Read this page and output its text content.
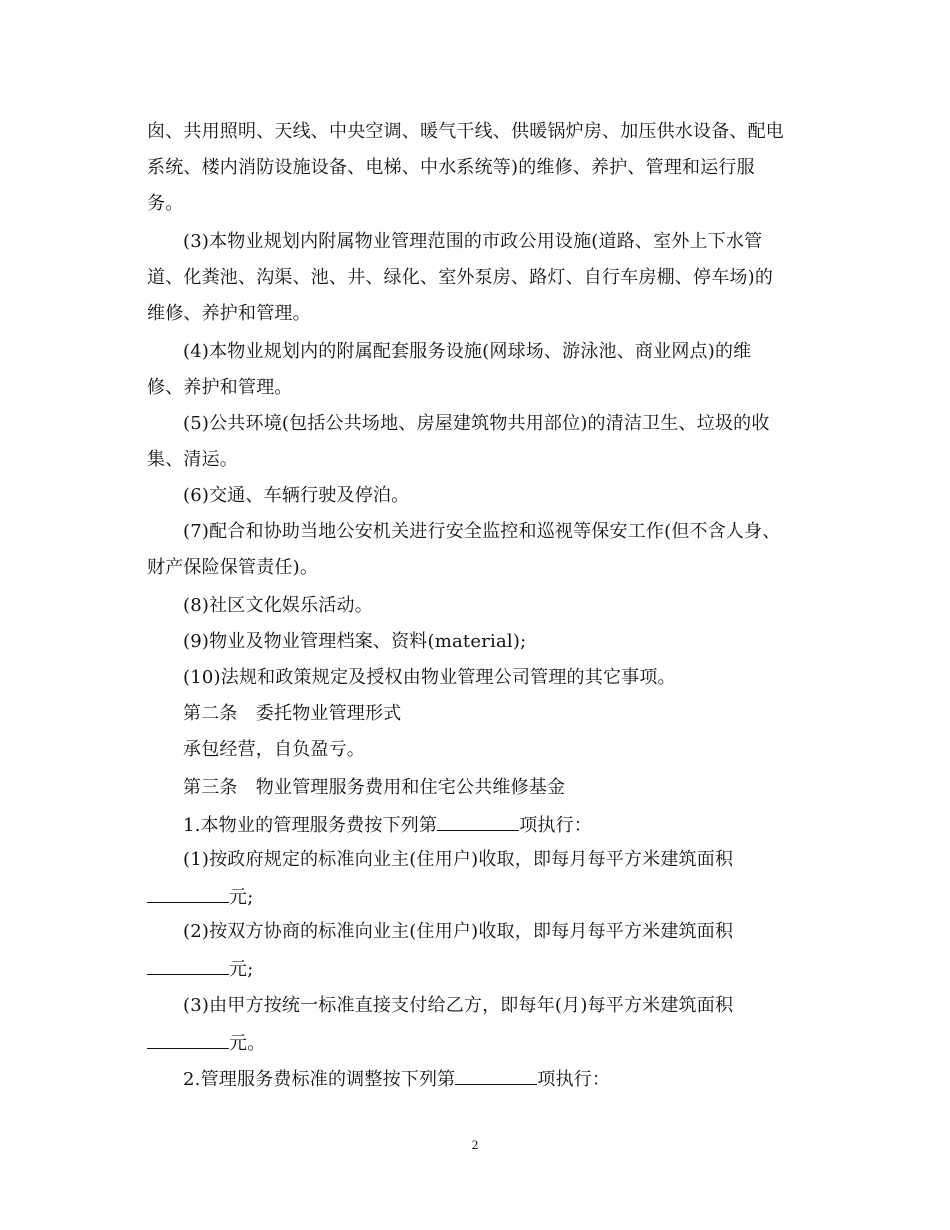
囱、共用照明、天线、中央空调、暖气干线、供暖锅炉房、加压供水设备、配电
系统、楼内消防设施设备、电梯、中水系统等)的维修、养护、管理和运行服
务。
(3)本物业规划内附属物业管理范围的市政公用设施(道路、室外上下水管
道、化粪池、沟渠、池、井、绿化、室外泵房、路灯、自行车房棚、停车场)的
维修、养护和管理。
(4)本物业规划内的附属配套服务设施(网球场、游泳池、商业网点)的维
修、养护和管理。
(5)公共环境(包括公共场地、房屋建筑物共用部位)的清洁卫生、垃圾的收
集、清运。
(6)交通、车辆行驶及停泊。
(7)配合和协助当地公安机关进行安全监控和巡视等保安工作(但不含人身、
财产保险保管责任)。
(8)社区文化娱乐活动。
(9)物业及物业管理档案、资料(material);
(10)法规和政策规定及授权由物业管理公司管理的其它事项。
第二条　委托物业管理形式
承包经营，自负盈亏。
第三条　物业管理服务费用和住宅公共维修基金
1.本物业的管理服务费按下列第	项执行：
(1)按政府规定的标准向业主(住用户)收取，即每月每平方米建筑面积
元;
(2)按双方协商的标准向业主(住用户)收取，即每月每平方米建筑面积
元;
(3)由甲方按统一标准直接支付给乙方，即每年(月)每平方米建筑面积
元。
2.管理服务费标准的调整按下列第	项执行：
2
